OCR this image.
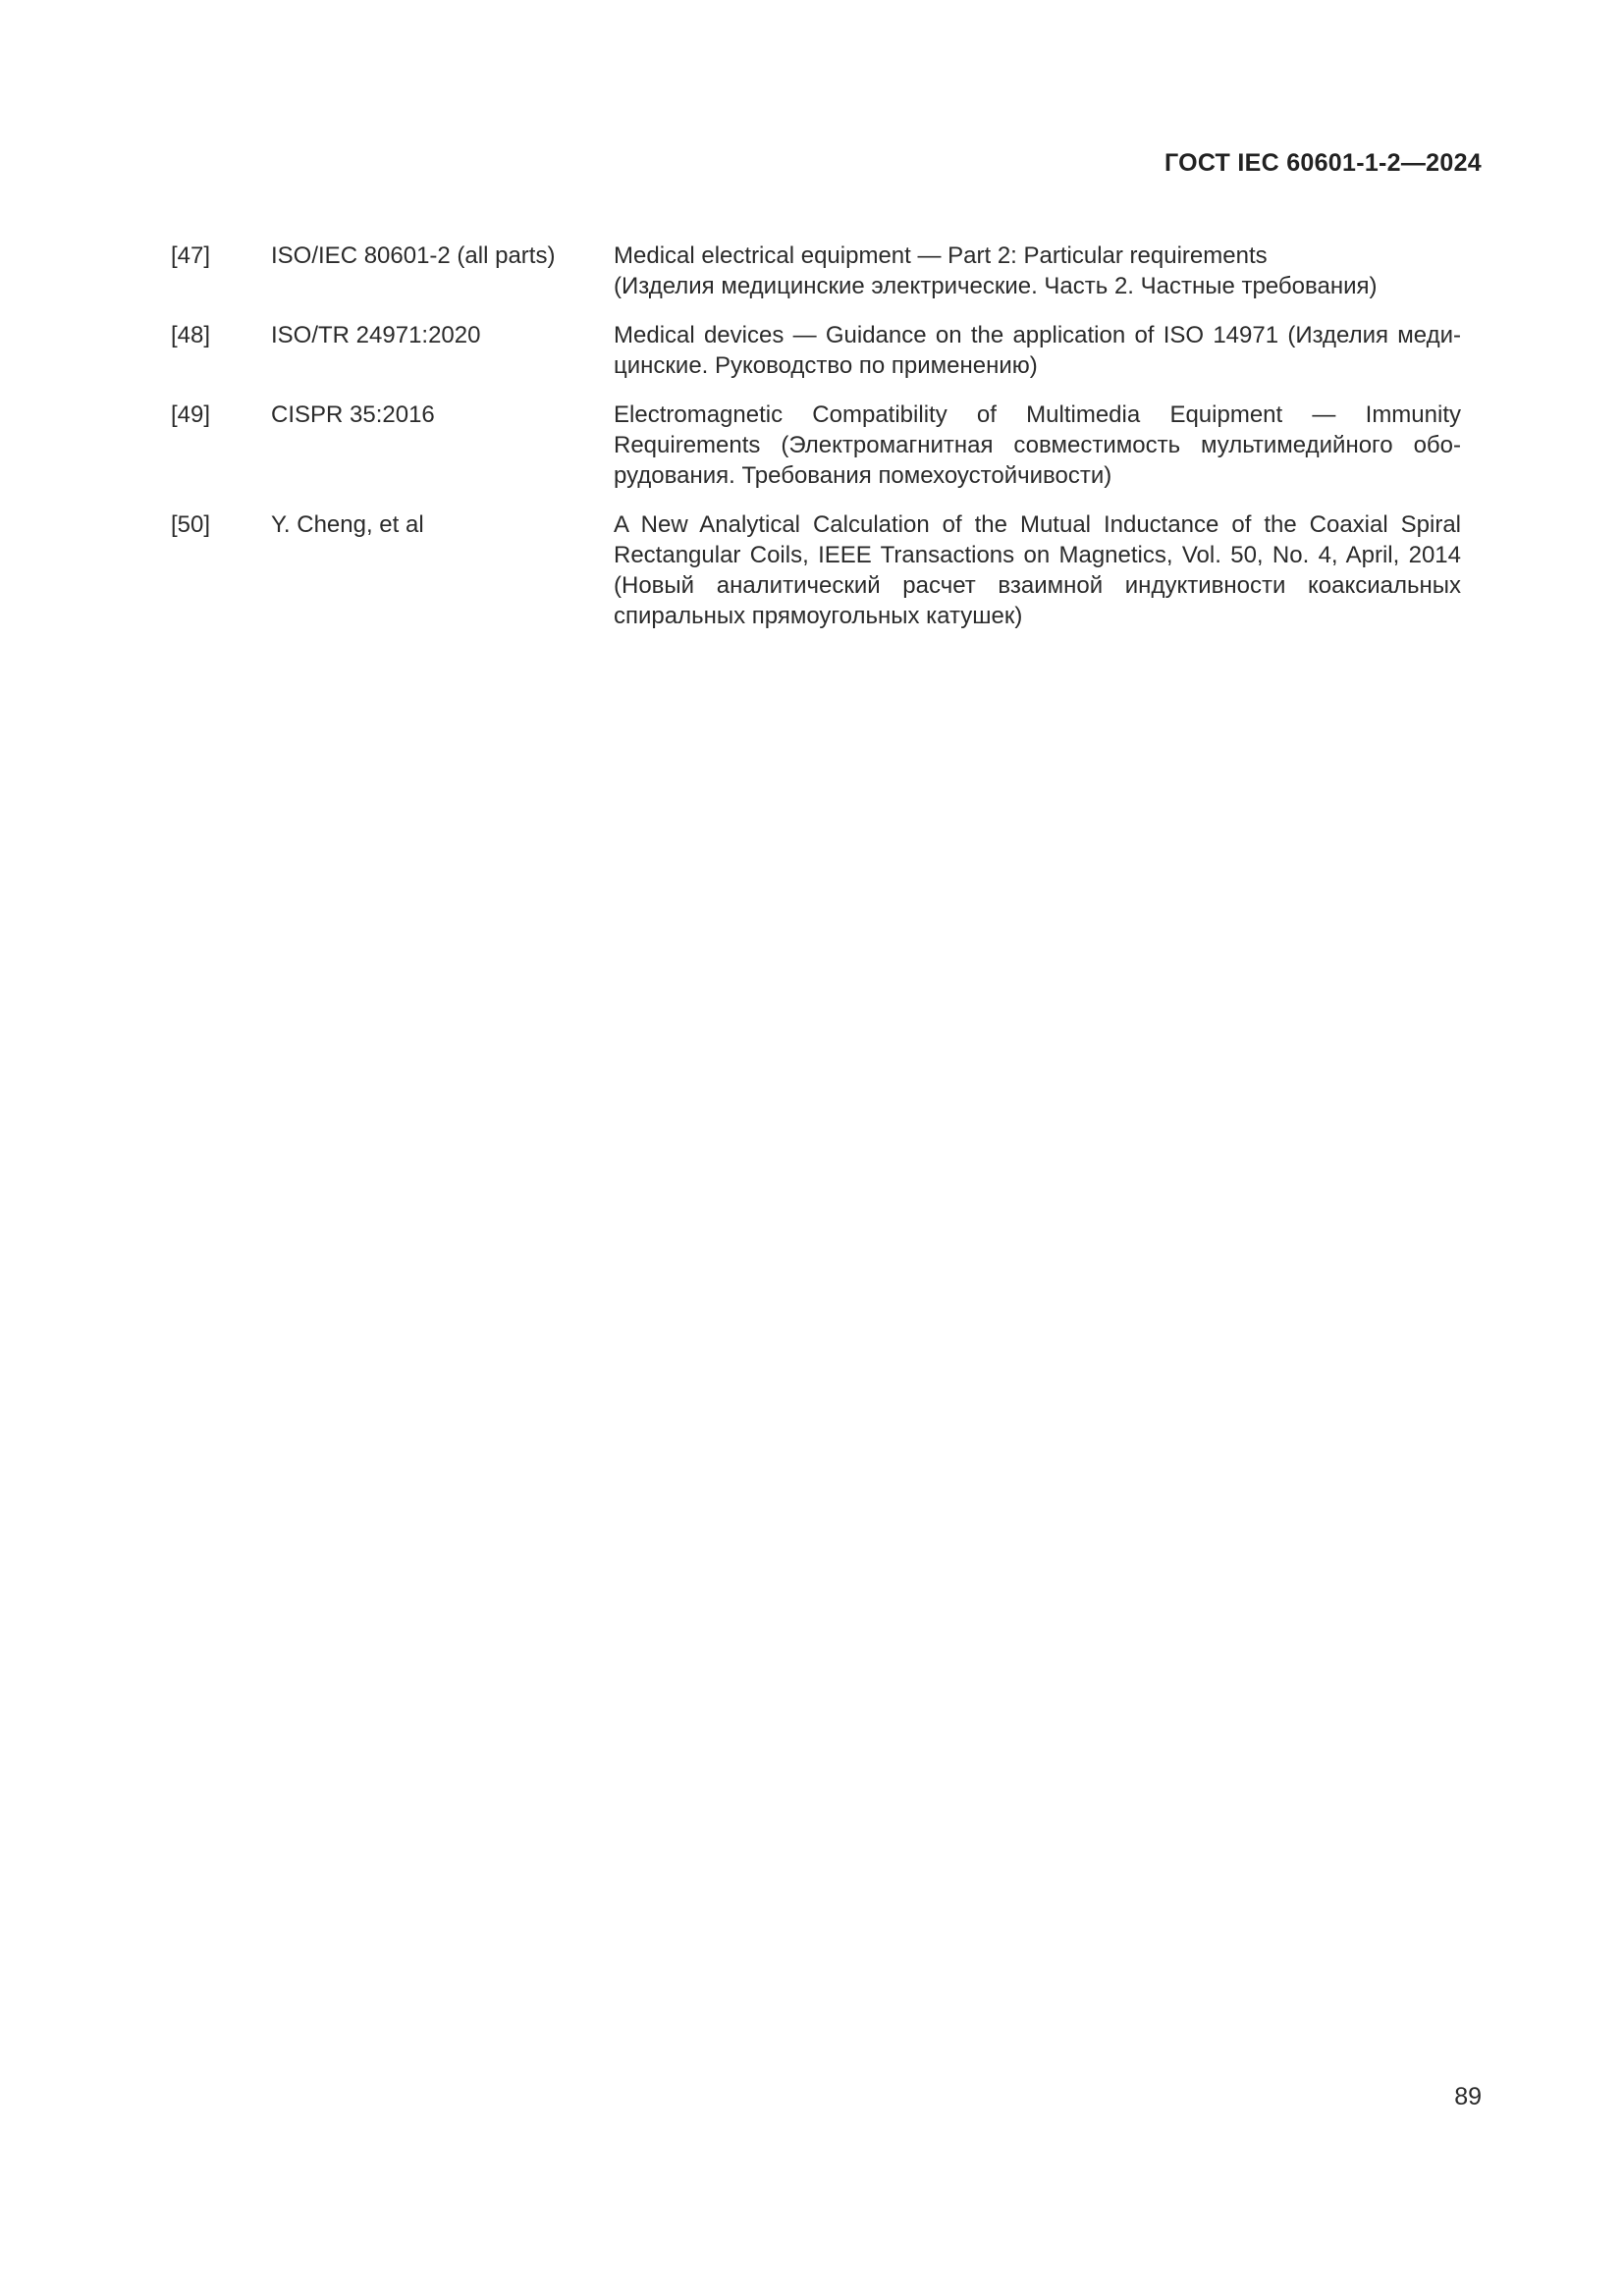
ГОСТ IEC 60601-1-2—2024
[47]	ISO/IEC 80601-2 (all parts)	Medical electrical equipment — Part 2: Particular requirements
(Изделия медицинские электрические. Часть 2. Частные требования)
[48]	ISO/TR 24971:2020	Medical devices — Guidance on the application of ISO 14971 (Изделия меди-
цинские. Руководство по применению)
[49]	CISPR 35:2016	Electromagnetic Compatibility of Multimedia Equipment — Immunity
Requirements (Электромагнитная совместимость мультимедийного обо-
рудования. Требования помехоустойчивости)
[50]	Y. Cheng, et al	A New Analytical Calculation of the Mutual Inductance of the Coaxial Spiral
Rectangular Coils, IEEE Transactions on Magnetics, Vol. 50, No. 4, April, 2014
(Новый аналитический расчет взаимной индуктивности коаксиальных
спиральных прямоугольных катушек)
89
